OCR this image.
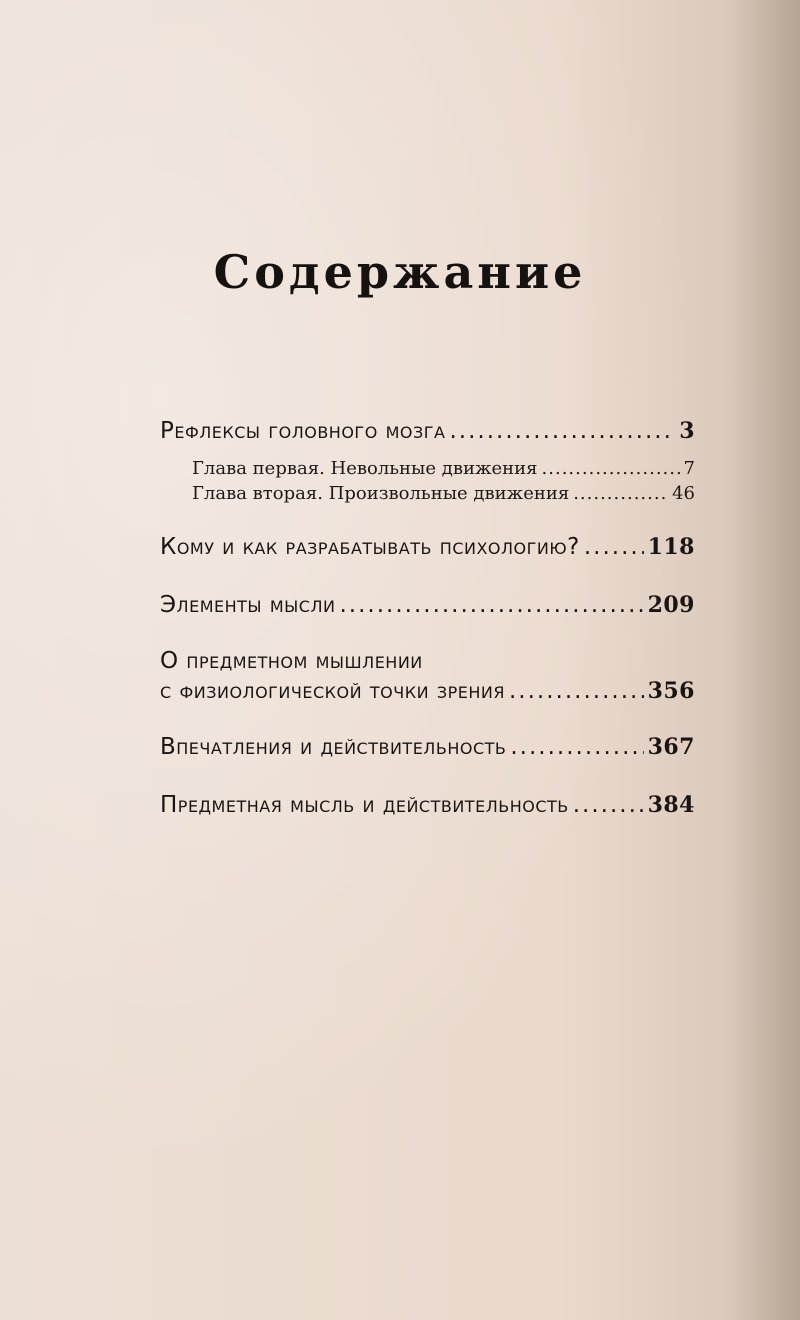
Содержание
Рефлексы головного мозга .....	3
Глава первая. Невольные движения .....	7
Глава вторая. Произвольные движения .....	46
Кому и как разрабатывать психологию? .....	118
Элементы мысли .....	209
О предметном мышлении
с физиологической точки зрения .....	356
Впечатления и действительность .....	367
Предметная мысль и действительность .....	384
